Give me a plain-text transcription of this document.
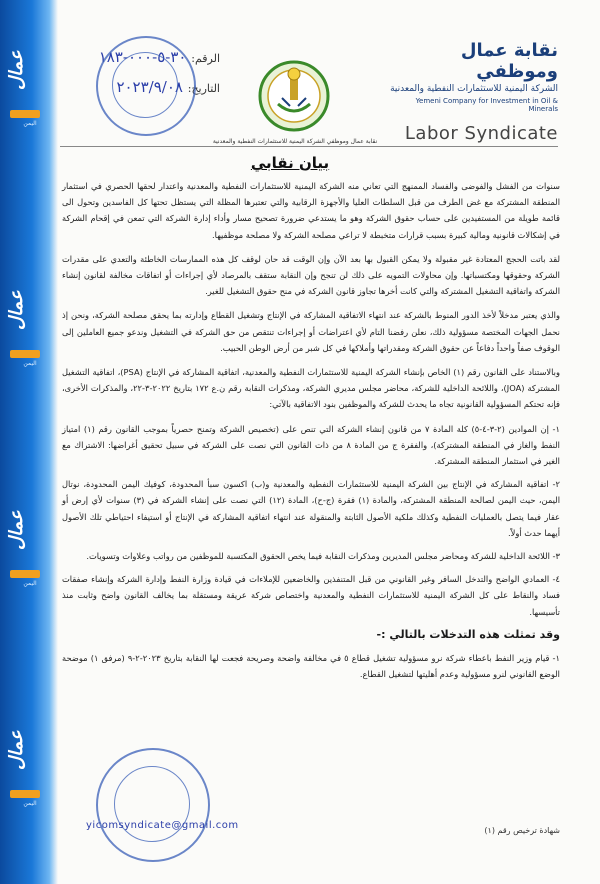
ﻋﻤﺎﻝ
ﺍﻟﻴﻤﻦ
ﻋﻤﺎﻝ
ﺍﻟﻴﻤﻦ
ﻋﻤﺎﻝ
ﺍﻟﻴﻤﻦ
ﻋﻤﺎﻝ
ﺍﻟﻴﻤﻦ
نقابة عمال وموظفي
الشركة اليمنية للاستثمارات النفطية والمعدنية
Yemeni Company for Investment in Oil & Minerals
Labor Syndicate
نقابة عمال وموظفي الشركة اليمنية للاستثمارات النفطية والمعدنية
الرقم: ٣٠-٥-٠٠٠-١٨٣
التاريخ: ٢٠٢٣/٩/٠٨
بيان نقابي

سنوات من الفشل والفوضى والفساد الممنهج التي تعاني منه الشركة اليمنية للاستثمارات النفطية والمعدنية واعتدار لحقها الحصري في استثمار المنطقة المشتركة مع غض الطرف من قبل السلطات العليا والأجهزة الرقابية والتي تعتبرها المظلة التي يستظل تحتها كل الفاسدين وتحول الى قائمة طويلة من المستفيدين على حساب حقوق الشركة وهو ما يستدعي ضرورة تصحيح مسار وأداء إدارة الشركة التي تمعن في إقحام الشركة في إشكالات قانونية ومالية كبيرة بسبب قرارات متخبطة لا تراعي مصلحة الشركة ولا مصلحة موظفيها.

لقد باتت الحجج المعتادة غير مقبولة ولا يمكن القبول بها بعد الآن وإن الوقت قد حان لوقف كل هذه الممارسات الخاطئة والتعدي على مقدرات الشركة وحقوقها ومكتسباتها. وإن محاولات التمويه على ذلك لن تنجح وإن النقابة ستقف بالمرصاد لأي إجراءات أو اتفاقات مخالفة لقانون إنشاء الشركة واتفاقية التشغيل المشتركة والتي كانت أخرها تجاوز قانون الشركة في منح حقوق التشغيل للغير.

والذي يعتبر مدخلاً لأخذ الدور المنوط بالشركة عند انتهاء الاتفاقية المشاركة في الإنتاج وتشغيل القطاع وإدارته بما يحقق مصلحة الشركة، ونحن إذ نحمل الجهات المختصة مسؤولية ذلك، نعلن رفضنا التام لأي اعتراضات أو إجراءات تنتقص من حق الشركة في التشغيل وندعو جميع العاملين إلى الوقوف صفاً واحداً دفاعاً عن حقوق الشركة ومقدراتها وأملاكها في كل شبر من أرض الوطن الحبيب.

وبالاستناد على القانون رقم (١) الخاص بإنشاء الشركة اليمنية للاستثمارات النفطية والمعدنية، اتفاقية المشاركة في الإنتاج (PSA)، اتفاقية التشغيل المشتركة (JOA)، واللائحة الداخلية للشركة، محاضر مجلس مديري الشركة، ومذكرات النقابة رقم ن.ع ١٧٢ بتاريخ ٢٠٢٢-٣-٢٢، والمذكرات الأخرى، فإنه تحتكم المسؤولية القانونية تجاه ما يحدث للشركة والموظفين بنود الاتفاقية بالآتي:

١- إن الموادين (٢-٣-٤-٥) كلة المادة ٧ من قانون إنشاء الشركة التي تنص على (تخصيص الشركة وتمنح حصرياً بموجب القانون رقم (١) امتياز النفط والغاز في المنطقة المشتركة)، والفقرة ج من المادة ٨ من ذات القانون التي نصت على الشركة في سبيل تحقيق أغراضها: الاشتراك مع الغير في استثمار المنطقة المشتركة.
٢- اتفاقية المشاركة في الإنتاج بين الشركة اليمنية للاستثمارات النفطية والمعدنية و(ب) اكسون سبأ المحدودة، كوفيك اليمن المحدودة، نوتال اليمن، حيث اليمن لصالحة المنطقة المشتركة، والمادة (١) فقرة (ج-ح)، المادة (١٢) التي نصت على إنشاء الشركة في (٣) سنوات لأي إرض أو عقار فيما يتصل بالعمليات النفطية وكذلك ملكية الأصول الثابتة والمنقولة عند انتهاء اتفاقية المشاركة في الإنتاج أو استيفاء احتياطي تلك الأصول أيهما حدث أولاً.
٣- اللائحة الداخلية للشركة ومحاضر مجلس المديرين ومذكرات النقابة فيما يخص الحقوق المكتسبة للموظفين من رواتب وعلاوات وتسويات.
٤- العمادي الواضح والتدخل السافر وغير القانوني من قبل المتنفذين والخاضعين للإملاءات في قيادة وزارة النفط وإدارة الشركة وإنشاء صفقات فساد والنقاط على كل الشركة اليمنية للاستثمارات النفطية والمعدنية واختصاص شركة عريقة ومستقلة بما يخالف القانون واضح وثابت منذ تأسيسها.
وقد تمثلت هذه التدخلات بالتالي :-
١- قيام وزير النفط باعطاء شركة نرو مسؤولية تشغيل قطاع ٥ في مخالفة واضحة وصريحة فجعت لها النقابة بتاريخ ٢٠٢٣-٢-٩ (مرفق ١) موضحة الوضع القانوني لنرو مسؤولية وعدم أهليتها لتشغيل القطاع.
yicomsyndicate@gmail.com	شهادة ترخيص رقم (١)
